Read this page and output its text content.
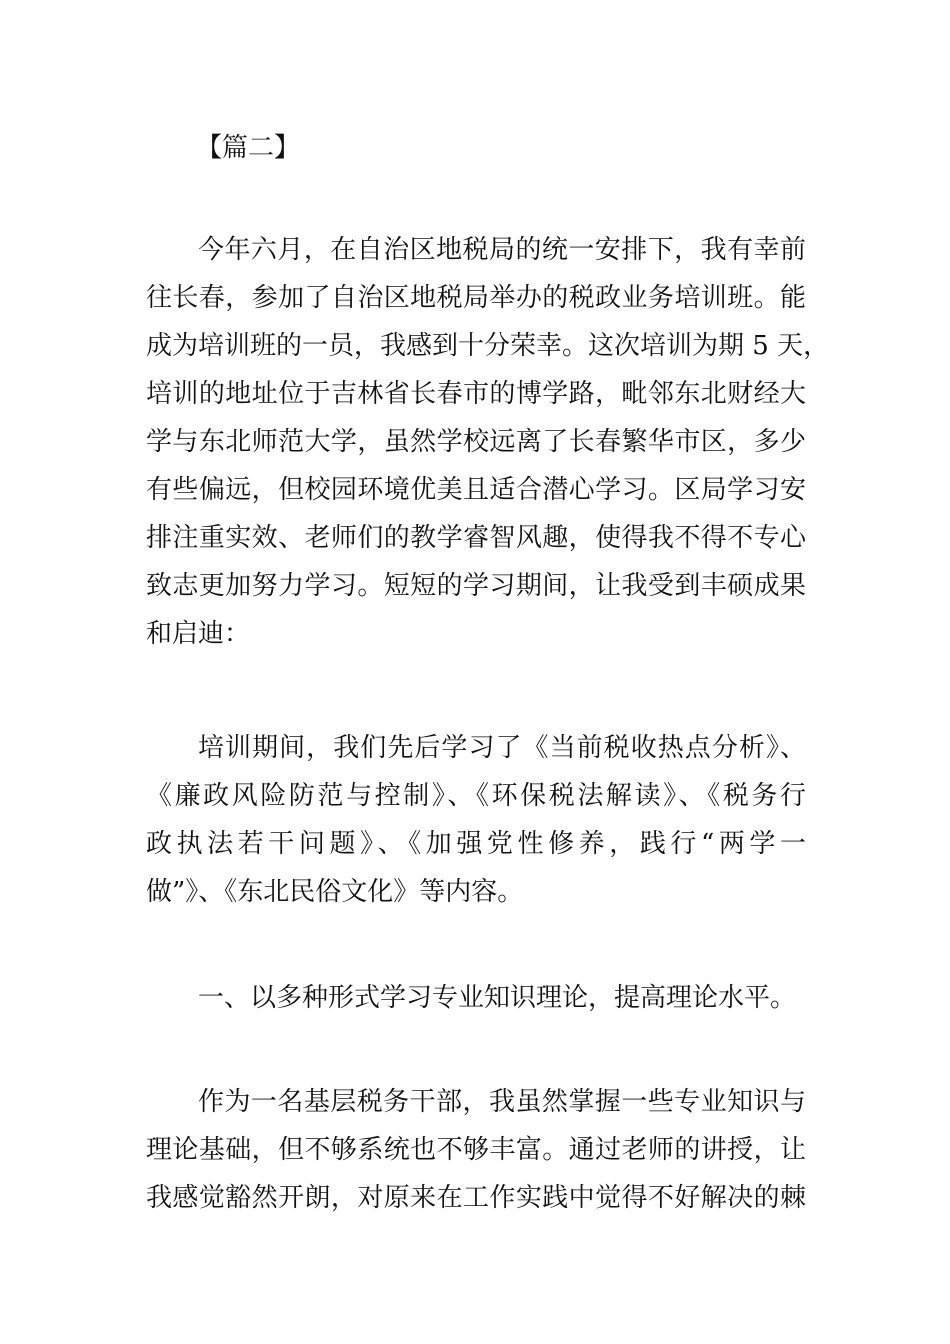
【篇二】
今年六月，在自治区地税局的统一安排下，我有幸前
往长春，参加了自治区地税局举办的税政业务培训班。能
成为培训班的一员，我感到十分荣幸。这次培训为期 5 天，
培训的地址位于吉林省长春市的博学路，毗邻东北财经大
学与东北师范大学，虽然学校远离了长春繁华市区，多少
有些偏远，但校园环境优美且适合潜心学习。区局学习安
排注重实效、老师们的教学睿智风趣，使得我不得不专心
致志更加努力学习。短短的学习期间，让我受到丰硕成果
和启迪：
培训期间，我们先后学习了《当前税收热点分析》、
《廉政风险防范与控制》、《环保税法解读》、《税务行
政执法若干问题》、《加强党性修养，践行“两学一
做”》、《东北民俗文化》等内容。
一、以多种形式学习专业知识理论，提高理论水平。
作为一名基层税务干部，我虽然掌握一些专业知识与
理论基础，但不够系统也不够丰富。通过老师的讲授，让
我感觉豁然开朗，对原来在工作实践中觉得不好解决的棘
